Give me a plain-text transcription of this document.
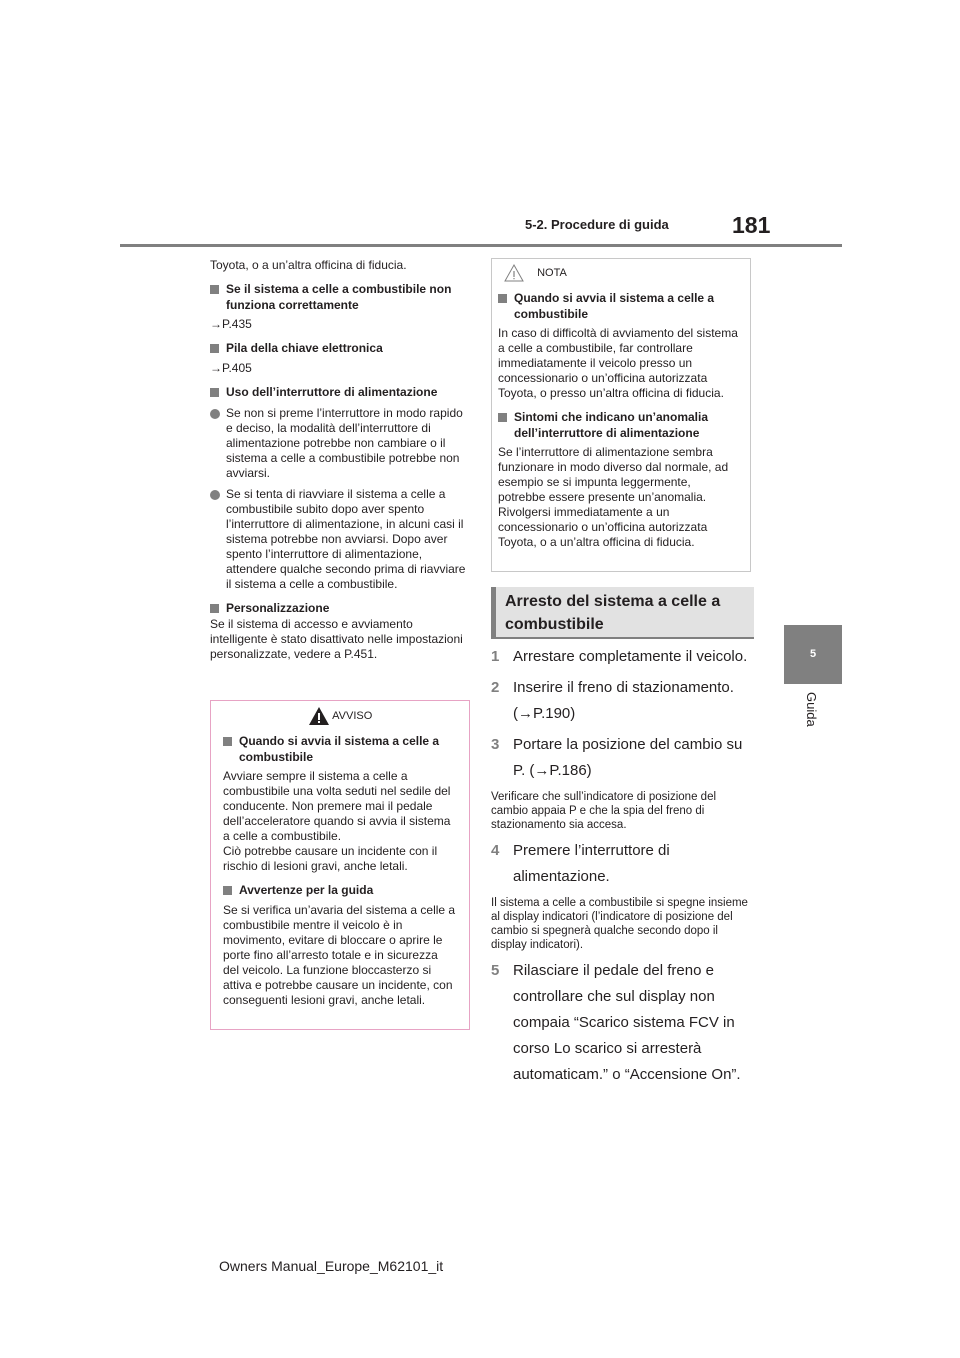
5-2. Procedure di guida	181
5
Guida

Toyota, o a un’altra officina di fiducia.

Se il sistema a celle a combustibile non funziona correttamente

→P.435

Pila della chiave elettronica

→P.405

Uso dell’interruttore di alimentazione
Se non si preme l’interruttore in modo rapido e deciso, la modalità dell’interruttore di alimentazione potrebbe non cambiare o il sistema a celle a combustibile potrebbe non avviarsi.
Se si tenta di riavviare il sistema a celle a combustibile subito dopo aver spento l’interruttore di alimentazione, in alcuni casi il sistema potrebbe non avviarsi. Dopo aver spento l’interruttore di alimentazione, attendere qualche secondo prima di riavviare il sistema a celle a combustibile.
Personalizzazione

Se il sistema di accesso e avviamento intelligente è stato disattivato nelle impostazioni personalizzate, vedere a P.451.

AVVISO
Quando si avvia il sistema a celle a combustibile

Avviare sempre il sistema a celle a combustibile una volta seduti nel sedile del conducente. Non premere mai il pedale dell’acceleratore quando si avvia il sistema a celle a combustibile.
Ciò potrebbe causare un incidente con il rischio di lesioni gravi, anche letali.

Avvertenze per la guida

Se si verifica un’avaria del sistema a celle a combustibile mentre il veicolo è in movimento, evitare di bloccare o aprire le porte fino all’arresto totale e in sicurezza del veicolo. La funzione bloccasterzo si attiva e potrebbe causare un incidente, con conseguenti lesioni gravi, anche letali.

NOTA
Quando si avvia il sistema a celle a combustibile

In caso di difficoltà di avviamento del sistema a celle a combustibile, far controllare immediatamente il veicolo presso un concessionario o un’officina autorizzata Toyota, o presso un’altra officina di fiducia.

Sintomi che indicano un’anomalia dell’interruttore di alimentazione

Se l’interruttore di alimentazione sembra funzionare in modo diverso dal normale, ad esempio se si impunta leggermente, potrebbe essere presente un’anomalia. Rivolgersi immediatamente a un concessionario o un’officina autorizzata Toyota, o a un’altra officina di fiducia.

Arresto del sistema a celle a combustibile
1 Arrestare completamente il veicolo.
2 Inserire il freno di stazionamento. (→P.190)
3 Portare la posizione del cambio su P. (→P.186)

Verificare che sull’indicatore di posizione del cambio appaia P e che la spia del freno di stazionamento sia accesa.

4 Premere l’interruttore di alimentazione.

Il sistema a celle a combustibile si spegne insieme al display indicatori (l’indicatore di posizione del cambio si spegnerà qualche secondo dopo il display indicatori).

5 Rilasciare il pedale del freno e controllare che sul display non compaia “Scarico sistema FCV in corso Lo scarico si arresterà automaticam.” o “Accensione On”.
Owners Manual_Europe_M62101_it
